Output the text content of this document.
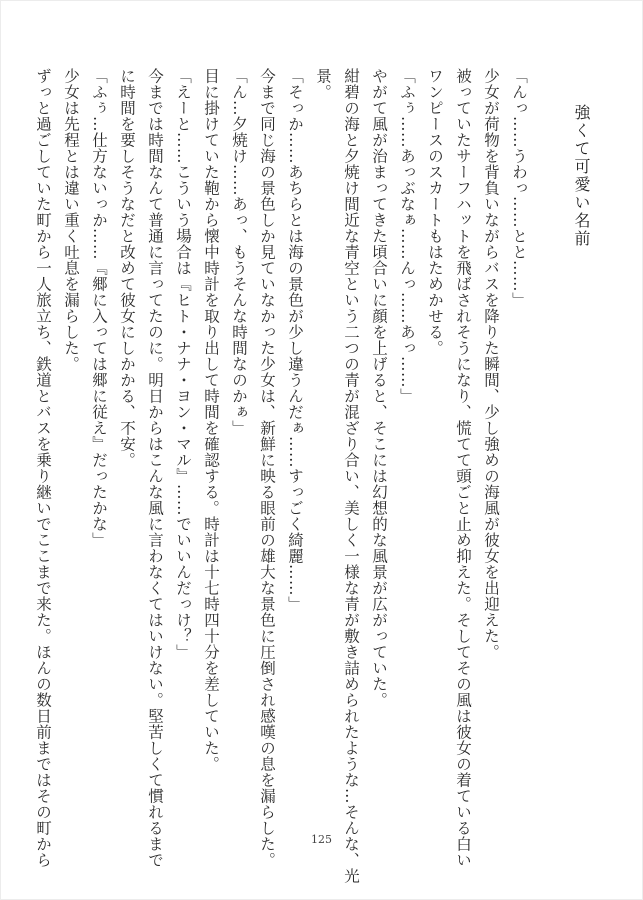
強くて可愛い名前
「んっ……うわっ……とと……」
少女が荷物を背負いながらバスを降りた瞬間、少し強めの海風が彼女を出迎えた。
被っていたサーフハットを飛ばされそうになり、慌てて頭ごと止め抑えた。そしてその風は彼女の着ている白い
ワンピースのスカートもはためかせる。
「ふぅ……あっぶなぁ……んっ……あっ……」
やがて風が治まってきた頃合いに顔を上げると、そこには幻想的な風景が広がっていた。
紺碧の海と夕焼け間近な青空という二つの青が混ざり合い、美しく一様な青が敷き詰められたような…そんな、光
景。
「そっか……あちらとは海の景色が少し違うんだぁ……すっごく綺麗……」
今まで同じ海の景色しか見ていなかった少女は、新鮮に映る眼前の雄大な景色に圧倒され感嘆の息を漏らした。
「ん…夕焼け……あっ、もうそんな時間なのかぁ」
目に掛けていた鞄から懐中時計を取り出して時間を確認する。時計は十七時四十分を差していた。
「えーと……こういう場合は『ヒト・ナナ・ヨン・マル』……でいいんだっけ？」
今までは時間なんて普通に言ってたのに。明日からはこんな風に言わなくてはいけない。堅苦しくて慣れるまで
に時間を要しそうなだと改めて彼女にしかかる、不安。
「ふぅ…仕方ないっか……『郷に入っては郷に従え』だったかな」
少女は先程とは違い重く吐息を漏らした。
ずっと過ごしていた町から一人旅立ち、鉄道とバスを乗り継いでここまで来た。ほんの数日前まではその町から	125
